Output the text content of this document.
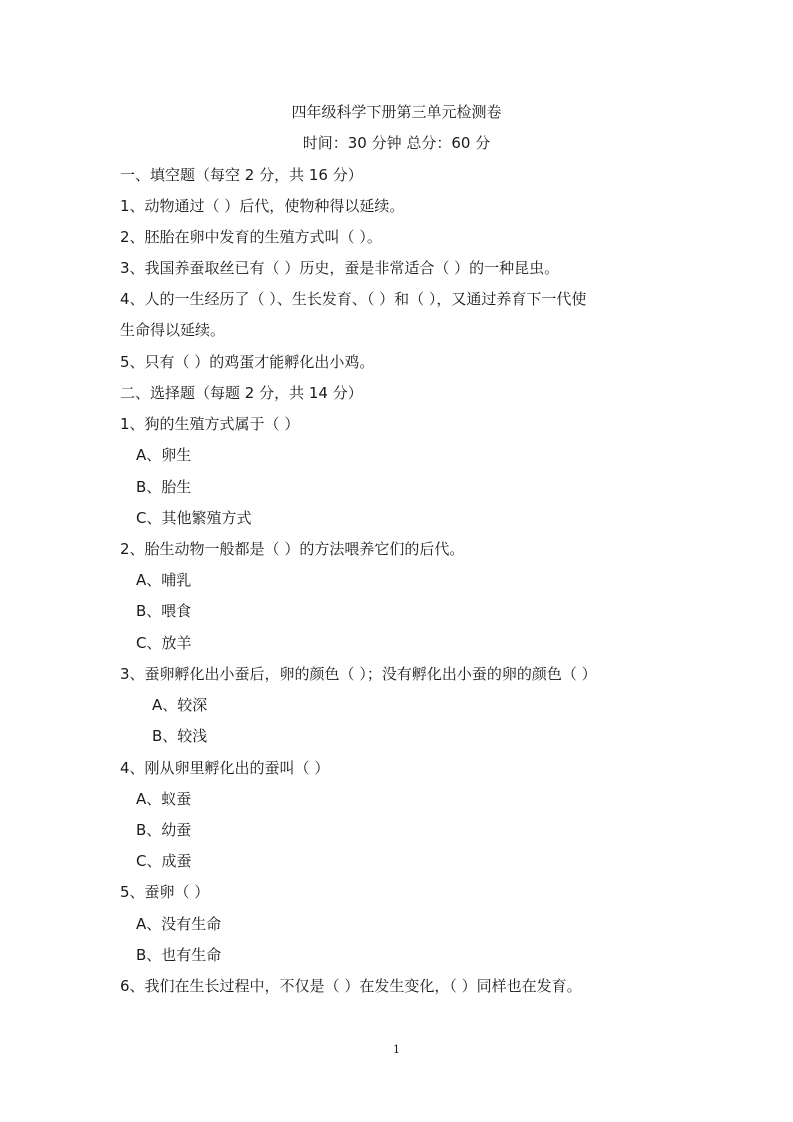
四年级科学下册第三单元检测卷
时间：30 分钟 总分：60 分
一、填空题（每空 2 分，共 16 分）
1、动物通过（ ）后代，使物种得以延续。
2、胚胎在卵中发育的生殖方式叫（ ）。
3、我国养蚕取丝已有（ ）历史，蚕是非常适合（ ）的一种昆虫。
4、人的一生经历了（ ）、生长发育、（ ）和（ ），又通过养育下一代使
生命得以延续。
5、只有（ ）的鸡蛋才能孵化出小鸡。
二、选择题（每题 2 分，共 14 分）
1、狗的生殖方式属于（ ）
A、卵生
B、胎生
C、其他繁殖方式
2、胎生动物一般都是（ ）的方法喂养它们的后代。
A、哺乳
B、喂食
C、放羊
3、蚕卵孵化出小蚕后，卵的颜色（ ）；没有孵化出小蚕的卵的颜色（ ）
A、较深
B、较浅
4、刚从卵里孵化出的蚕叫（ ）
A、蚁蚕
B、幼蚕
C、成蚕
5、蚕卵（ ）
A、没有生命
B、也有生命
6、我们在生长过程中，不仅是（ ）在发生变化，（ ）同样也在发育。
1
